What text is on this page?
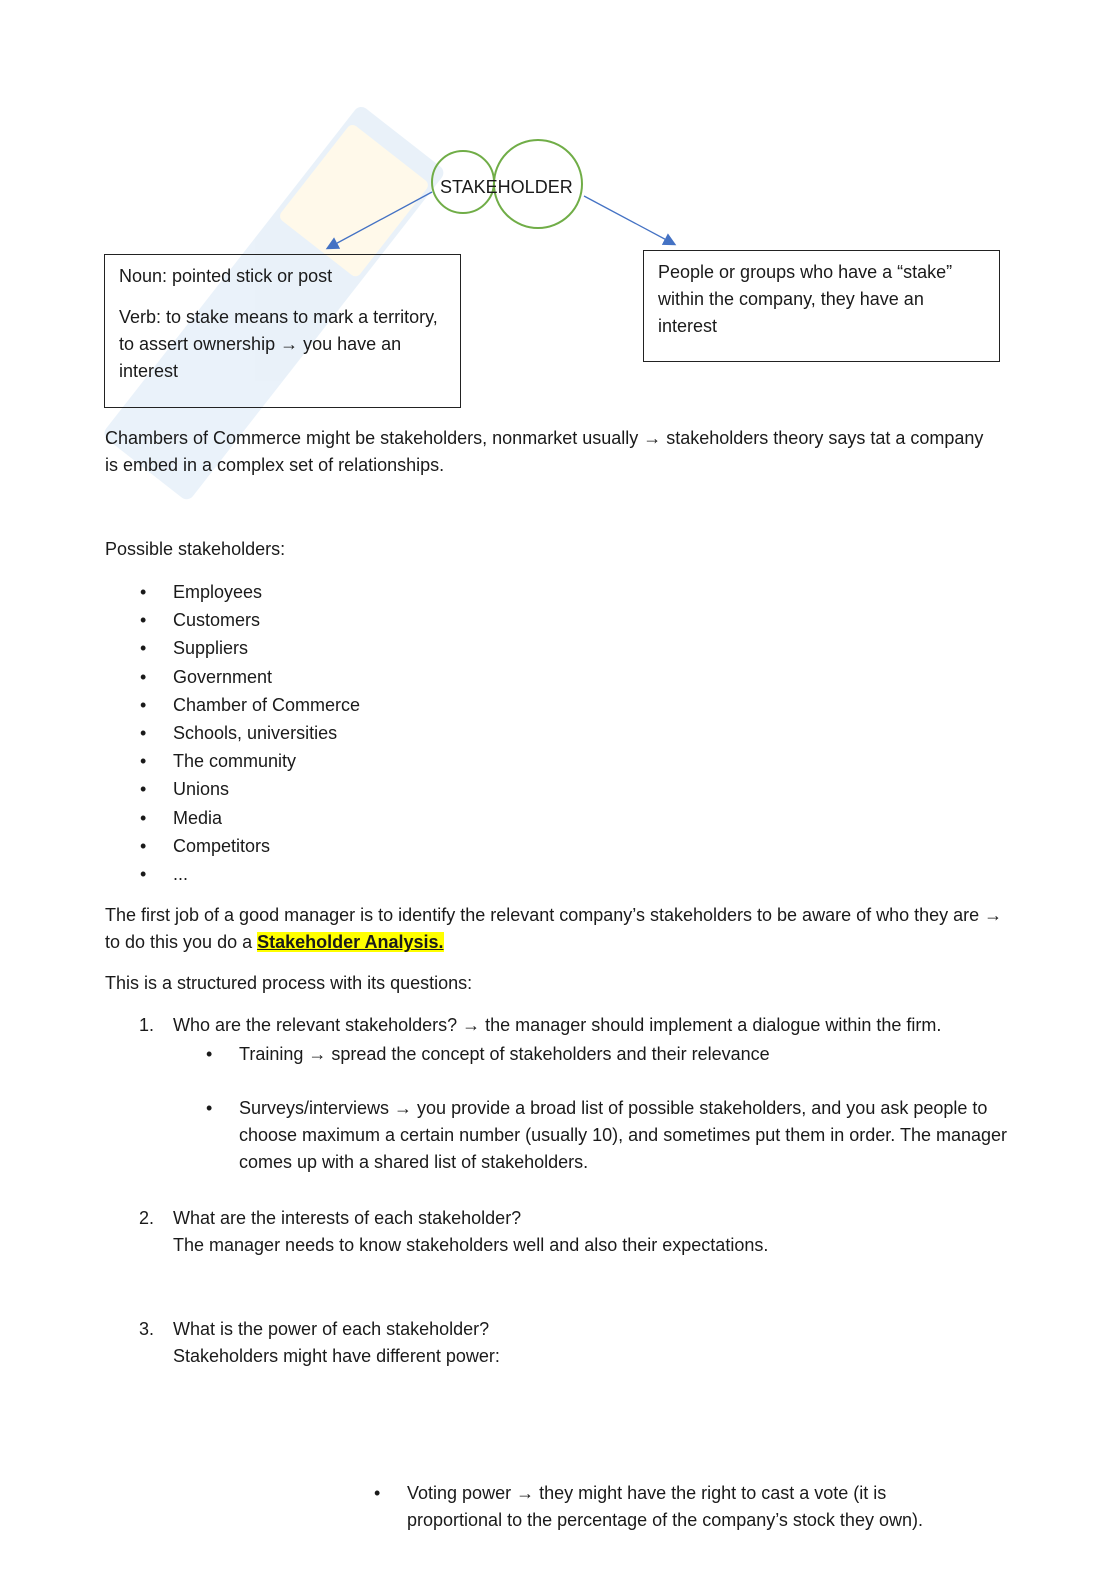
STAKEHOLDER

Noun: pointed stick or post

Verb: to stake means to mark a territory, to assert ownership → you have an interest

People or groups who have a “stake” within the company, they have an interest

Chambers of Commerce might be stakeholders, nonmarket usually → stakeholders theory says tat a company is embed in a complex set of relationships.

Possible stakeholders:
• Employees
• Customers
• Suppliers
• Government
• Chamber of Commerce
• Schools, universities
• The community
• Unions
• Media
• Competitors
• ...

The first job of a good manager is to identify the relevant company’s stakeholders to be aware of who they are → to do this you do a Stakeholder Analysis.

This is a structured process with its questions:
1. Who are the relevant stakeholders? → the manager should implement a dialogue within the firm.

• Training → spread the concept of stakeholders and their relevance

• Surveys/interviews → you provide a broad list of possible stakeholders, and you ask people to choose maximum a certain number (usually 10), and sometimes put them in order. The manager comes up with a shared list of stakeholders.

2. What are the interests of each stakeholder?

The manager needs to know stakeholders well and also their expectations.

3. What is the power of each stakeholder?

Stakeholders might have different power:

• Voting power → they might have the right to cast a vote (it is proportional to the percentage of the company’s stock they own).
